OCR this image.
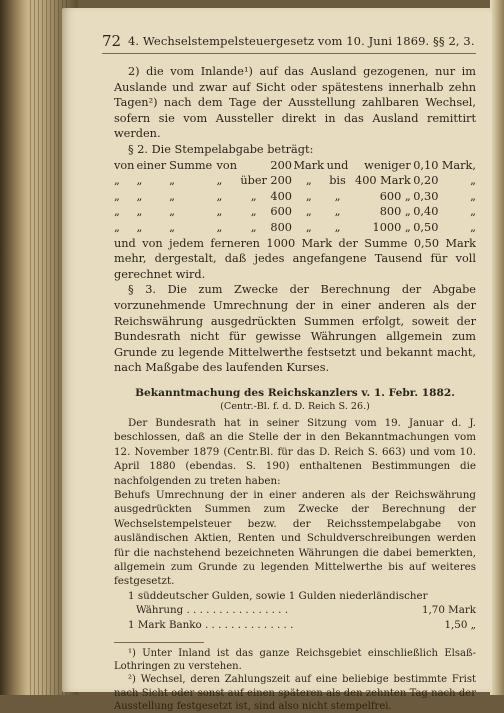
72 4. Wechselstempelsteuergesetz vom 10. Juni 1869. §§ 2, 3.

2) die vom Inlande¹) auf das Ausland gezogenen, nur im Auslande und zwar auf Sicht oder spätestens innerhalb zehn Tagen²) nach dem Tage der Ausstellung zahlbaren Wechsel, sofern sie vom Aussteller direkt in das Ausland remittirt werden.

§ 2. Die Stempelabgabe beträgt:

von	einer	Summe	von		200	Mark	und	weniger	0,10	Mark,
„	„	„	„	über	200	„	bis	400 Mark	0,20	„
„	„	„	„	„	400	„	„	600 „	0,30	„
„	„	„	„	„	600	„	„	800 „	0,40	„
„	„	„	„	„	800	„	„	1000 „	0,50	„

und von jedem ferneren 1000 Mark der Summe 0,50 Mark mehr, dergestalt, daß jedes angefangene Tausend für voll gerechnet wird.

§ 3. Die zum Zwecke der Berechnung der Abgabe vorzunehmende Umrechnung der in einer anderen als der Reichswährung ausgedrückten Summen erfolgt, soweit der Bundesrath nicht für gewisse Währungen allgemein zum Grunde zu legende Mittelwerthe festsetzt und bekannt macht, nach Maßgabe des laufenden Kurses.

Bekanntmachung des Reichskanzlers v. 1. Febr. 1882.
(Centr.-Bl. f. d. D. Reich S. 26.)

Der Bundesrath hat in seiner Sitzung vom 19. Januar d. J. beschlossen, daß an die Stelle der in den Bekanntmachungen vom 12. November 1879 (Centr.Bl. für das D. Reich S. 663) und vom 10. April 1880 (ebendas. S. 190) enthaltenen Bestimmungen die nachfolgenden zu treten haben:

Behufs Umrechnung der in einer anderen als der Reichswährung ausgedrückten Summen zum Zwecke der Berechnung der Wechselstempelsteuer bezw. der Reichsstempelabgabe von ausländischen Aktien, Renten und Schuldverschreibungen werden für die nachstehend bezeichneten Währungen die dabei bemerkten, allgemein zum Grunde zu legenden Mittelwerthe bis auf weiteres festgesetzt.

1 süddeutscher Gulden, sowie 1 Gulden niederländischer
Währung . . . . . . . . . . . . . . . .	1,70 Mark
1 Mark Banko . . . . . . . . . . . . . .	1,50 „

¹) Unter Inland ist das ganze Reichsgebiet einschließlich Elsaß-Lothringen zu verstehen.

²) Wechsel, deren Zahlungszeit auf eine beliebige bestimmte Frist nach Sicht oder sonst auf einen späteren als den zehnten Tag nach der Ausstellung festgesetzt ist, sind also nicht stempelfrei.
